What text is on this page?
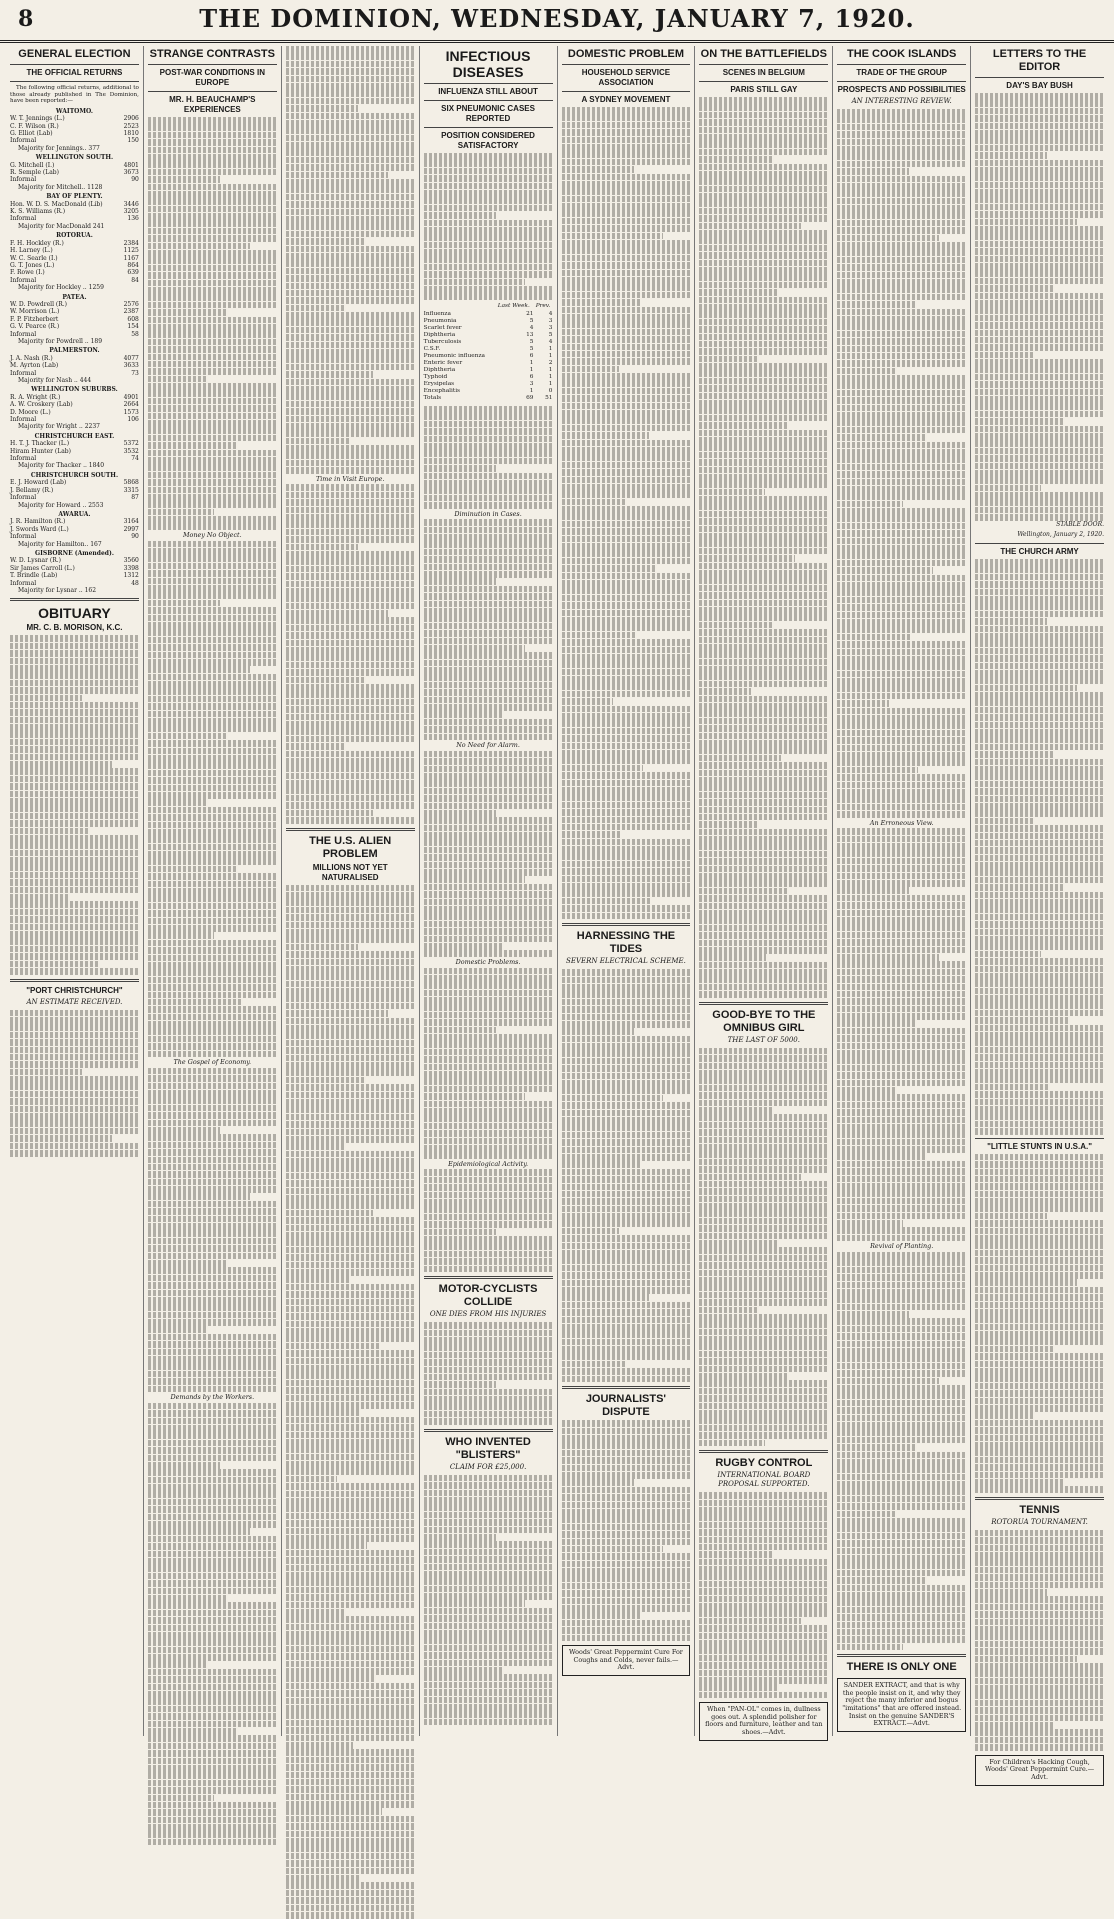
8	THE DOMINION, WEDNESDAY, JANUARY 7, 1920.
GENERAL ELECTION
THE OFFICIAL RETURNS

The following official returns, additional to those already published in The Dominion, have been reported:—

WAITOMO.
W. T. Jennings (L.)	2906
C. F. Wilson (R.)	2523
G. Elliot (Lab)	1810
Informal	150
Majority for Jennings.. 377
WELLINGTON SOUTH.
G. Mitchell (I.)	4801
R. Semple (Lab)	3673
Informal	90
Majority for Mitchell.. 1128
BAY OF PLENTY.
Hon. W. D. S. MacDonald (Lib)	3446
K. S. Williams (R.)	3205
Informal	136
Majority for MacDonald 241
ROTORUA.
F. H. Hockley (R.)	2384
H. Larney (L.)	1125
W. C. Searle (I.)	1167
G. T. Jones (L.)	864
F. Rowe (I.)	639
Informal	84
Majority for Hockley .. 1259
PATEA.
W. D. Powdrell (R.)	2576
W. Morrison (L.)	2387
F. P. Fitzherbert	608
G. V. Pearce (R.)	154
Informal	58
Majority for Powdrell .. 189
PALMERSTON.
J. A. Nash (R.)	4077
M. Ayrton (Lab)	3633
Informal	73
Majority for Nash .. 444
WELLINGTON SUBURBS.
R. A. Wright (R.)	4901
A. W. Croskery (Lab)	2664
D. Moore (L.)	1573
Informal	106
Majority for Wright .. 2237
CHRISTCHURCH EAST.
H. T. J. Thacker (L.)	5372
Hiram Hunter (Lab)	3532
Informal	74
Majority for Thacker .. 1840
CHRISTCHURCH SOUTH.
E. J. Howard (Lab)	5868
J. Bellamy (R.)	3315
Informal	87
Majority for Howard .. 2553
AWARUA.
J. R. Hamilton (R.)	3164
J. Swords Ward (L.)	2997
Informal	90
Majority for Hamilton.. 167
GISBORNE (Amended).
W. D. Lysnar (R.)	3560
Sir James Carroll (L.)	3398
T. Brindle (Lab)	1312
Informal	48
Majority for Lysnar .. 162
OBITUARY
MR. C. B. MORISON, K.C.
"PORT CHRISTCHURCH"
AN ESTIMATE RECEIVED.
STRANGE CONTRASTS
POST-WAR CONDITIONS IN EUROPE
MR. H. BEAUCHAMP'S EXPERIENCES
Money No Object.
The Gospel of Economy.
Demands by the Workers.
Time in Visit Europe.
THE U.S. ALIEN PROBLEM
MILLIONS NOT YET NATURALISED
INFECTIOUS DISEASES
INFLUENZA STILL ABOUT
SIX PNEUMONIC CASES REPORTED
POSITION CONSIDERED SATISFACTORY
	Last Week.	Prev.
Influenza	21	4
Pneumonia	5	3
Scarlet fever	4	3
Diphtheria	13	5
Tuberculosis	5	4
C.S.F.	5	1
Pneumonic influenza	6	1
Enteric fever	1	2
Diphtheria	1	1
Typhoid	6	1
Erysipelas	3	1
Encephalitis	1	0
Totals	69	51
Diminution in Cases.
No Need for Alarm.
Domestic Problems.
Epidemiological Activity.
MOTOR-CYCLISTS COLLIDE
ONE DIES FROM HIS INJURIES
WHO INVENTED "BLISTERS"
CLAIM FOR £25,000.
DOMESTIC PROBLEM
HOUSEHOLD SERVICE ASSOCIATION
A SYDNEY MOVEMENT
HARNESSING THE TIDES
SEVERN ELECTRICAL SCHEME.
JOURNALISTS' DISPUTE
Woods' Great Peppermint Cure For Coughs and Colds, never fails.—Advt.
ON THE BATTLEFIELDS
SCENES IN BELGIUM
PARIS STILL GAY
GOOD-BYE TO THE OMNIBUS GIRL
THE LAST OF 5000.
RUGBY CONTROL
INTERNATIONAL BOARD PROPOSAL SUPPORTED.
When "PAN-OL" comes in, dullness goes out. A splendid polisher for floors and furniture, leather and tan shoes.—Advt.
THE COOK ISLANDS
TRADE OF THE GROUP
PROSPECTS AND POSSIBILITIES
AN INTERESTING REVIEW.
An Erroneous View.
Revival of Planting.
THERE IS ONLY ONE
SANDER EXTRACT, and that is why the people insist on it, and why they reject the many inferior and bogus "imitations" that are offered instead. Insist on the genuine SANDER'S EXTRACT.—Advt.
LETTERS TO THE EDITOR
DAY'S BAY BUSH
STABLE DOOR.
Wellington, January 2, 1920.
THE CHURCH ARMY
"LITTLE STUNTS IN U.S.A."
TENNIS
ROTORUA TOURNAMENT.
For Children's Hacking Cough, Woods' Great Peppermint Cure.—Advt.
